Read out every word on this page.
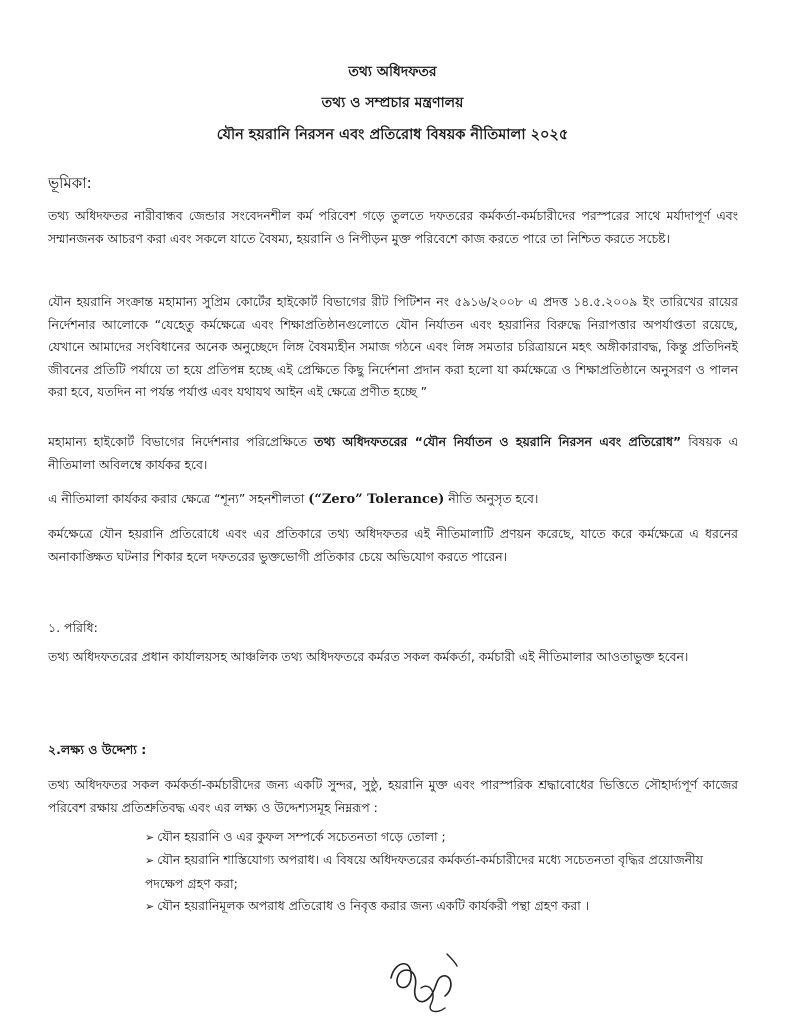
তথ্য অধিদফতর
তথ্য ও সম্প্রচার মন্ত্রণালয়
যৌন হয়রানি নিরসন এবং প্রতিরোধ বিষয়ক নীতিমালা ২০২৫
ভূমিকা:

তথ্য অধিদফতর নারীবান্ধব জেন্ডার সংবেদনশীল কর্ম পরিবেশ গড়ে তুলতে দফতরের কর্মকর্তা-কর্মচারীদের পরস্পরের সাথে মর্যাদাপূর্ণ এবং সম্মানজনক আচরণ করা এবং সকলে যাতে বৈষম্য, হয়রানি ও নিপীড়ন মুক্ত পরিবেশে কাজ করতে পারে তা নিশ্চিত করতে সচেষ্ট।

যৌন হয়রানি সংক্রান্ত মহামান্য সুপ্রিম কোর্টের হাইকোর্ট বিভাগের রীট পিটিশন নং ৫৯১৬/২০০৮ এ প্রদত্ত ১৪.৫.২০০৯ ইং তারিখের রায়ের নির্দেশনার আলোকে “যেহেতু কর্মক্ষেত্রে এবং শিক্ষাপ্রতিষ্ঠানগুলোতে যৌন নির্যাতন এবং হয়রানির বিরুদ্ধে নিরাপত্তার অপর্যাপ্ততা রয়েছে, যেখানে আমাদের সংবিধানের অনেক অনুচ্ছেদে লিঙ্গ বৈষম্যহীন সমাজ গঠনে এবং লিঙ্গ সমতার চরিত্রায়নে মহৎ অঙ্গীকারাবদ্ধ, কিন্তু প্রতিদিনই জীবনের প্রতিটি পর্যায়ে তা হয়ে প্রতিপন্ন হচ্ছে এই প্রেক্ষিতে কিছু নির্দেশনা প্রদান করা হলো যা কর্মক্ষেত্রে ও শিক্ষাপ্রতিষ্ঠানে অনুসরণ ও পালন করা হবে, যতদিন না পর্যন্ত পর্যাপ্ত এবং যথাযথ আইন এই ক্ষেত্রে প্রণীত হচ্ছে ”

মহামান্য হাইকোর্ট বিভাগের নির্দেশনার পরিপ্রেক্ষিতে তথ্য অধিদফতরের “যৌন নির্যাতন ও হয়রানি নিরসন এবং প্রতিরোধ” বিষয়ক এ নীতিমালা অবিলম্বে কার্যকর হবে।

এ নীতিমালা কার্যকর করার ক্ষেত্রে “শূন্য” সহনশীলতা (“Zero” Tolerance) নীতি অনুসৃত হবে।

কর্মক্ষেত্রে যৌন হয়রানি প্রতিরোধে এবং এর প্রতিকারে তথ্য অধিদফতর এই নীতিমালাটি প্রণয়ন করেছে, যাতে করে কর্মক্ষেত্রে এ ধরনের অনাকাঙ্ক্ষিত ঘটনার শিকার হলে দফতরের ভুক্তভোগী প্রতিকার চেয়ে অভিযোগ করতে পারেন।

১. পরিধি:

তথ্য অধিদফতরের প্রধান কার্যালয়সহ আঞ্চলিক তথ্য অধিদফতরে কর্মরত সকল কর্মকর্তা, কর্মচারী এই নীতিমালার আওতাভুক্ত হবেন।

২.লক্ষ্য ও উদ্দেশ্য :

তথ্য অধিদফতর সকল কর্মকর্তা-কর্মচারীদের জন্য একটি সুন্দর, সুষ্ঠু, হয়রানি মুক্ত এবং পারস্পরিক শ্রদ্ধাবোধের ভিত্তিতে সৌহার্দ্যপূর্ণ কাজের পরিবেশ রক্ষায় প্রতিশ্রুতিবদ্ধ এবং এর লক্ষ্য ও উদ্দেশ্যসমূহ নিম্নরূপ :

➢ যৌন হয়রানি ও এর কুফল সম্পর্কে সচেতনতা গড়ে তোলা ;

➢ যৌন হয়রানি শাস্তিযোগ্য অপরাধ। এ বিষয়ে অধিদফতরের কর্মকর্তা-কর্মচারীদের মধ্যে সচেতনতা বৃদ্ধির প্রয়োজনীয় পদক্ষেপ গ্রহণ করা;

➢ যৌন হয়রানিমূলক অপরাধ প্রতিরোধ ও নিবৃত্ত করার জন্য একটি কার্যকরী পন্থা গ্রহণ করা ।
